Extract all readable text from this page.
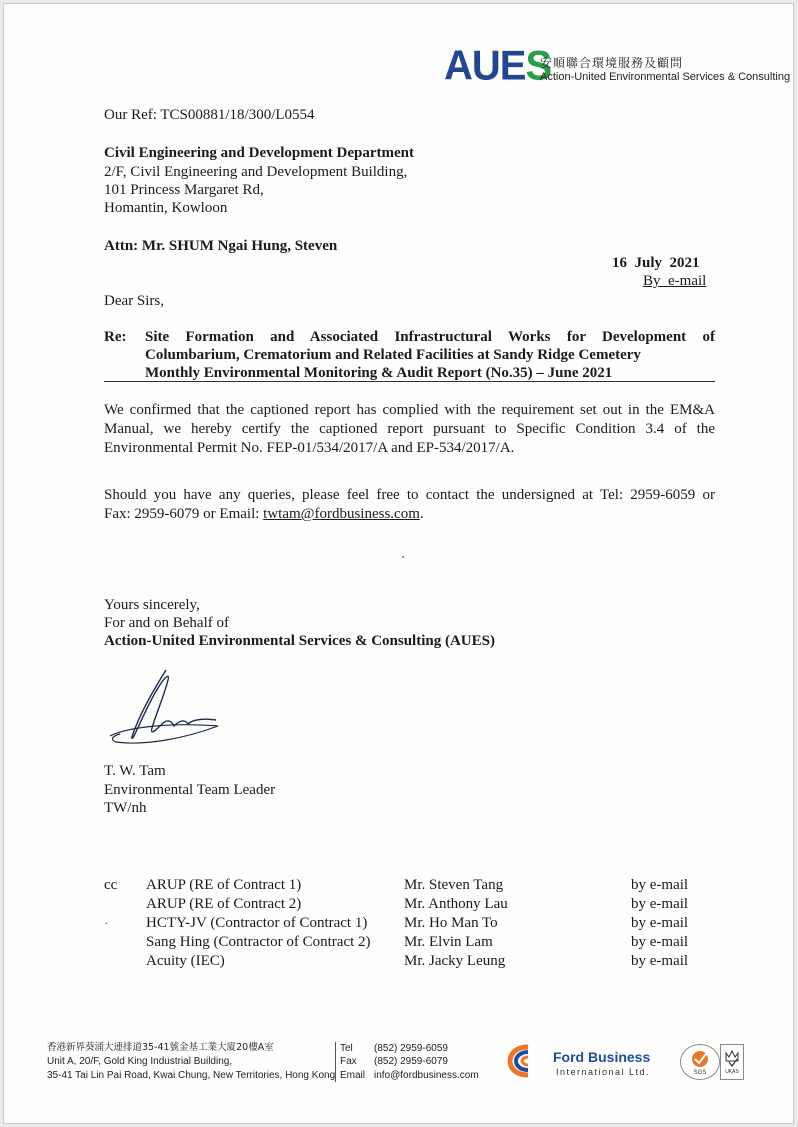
AUES
安順聯合環境服務及顧問
Action-United Environmental Services & Consulting
Our Ref: TCS00881/18/300/L0554
Civil Engineering and Development Department
2/F, Civil Engineering and Development Building,
101 Princess Margaret Rd,
Homantin, Kowloon
Attn: Mr. SHUM Ngai Hung, Steven
16  July  2021
By  e-mail
Dear Sirs,
Re: Site Formation and Associated Infrastructural Works for Development of
Columbarium, Crematorium and Related Facilities at Sandy Ridge Cemetery
Monthly Environmental Monitoring & Audit Report (No.35) – June 2021
We confirmed that the captioned report has complied with the requirement set out in the EM&A
Manual, we hereby certify the captioned report pursuant to Specific Condition 3.4 of the
Environmental Permit No. FEP-01/534/2017/A and EP-534/2017/A.
Should you have any queries, please feel free to contact the undersigned at Tel: 2959-6059 or
Fax: 2959-6079 or Email: twtam@fordbusiness.com.
Yours sincerely,
For and on Behalf of
Action-United Environmental Services & Consulting (AUES)
T. W. Tam
Environmental Team Leader
TW/nh
cc
.
ARUP (RE of Contract 1)	Mr. Steven Tang	by e-mail
ARUP (RE of Contract 2)	Mr. Anthony Lau	by e-mail
HCTY-JV (Contractor of Contract 1) Mr. Ho Man To	by e-mail
Sang Hing (Contractor of Contract 2) Mr. Elvin Lam	by e-mail
Acuity (IEC)	Mr. Jacky Leung	by e-mail
香港新界葵涌大連排道35-41號金基工業大廈20樓A室
Unit A, 20/F, Gold King Industrial Building,
35-41 Tai Lin Pai Road, Kwai Chung, New Territories, Hong Kong
Tel (852) 2959-6059
Fax (852) 2959-6079
Email info@fordbusiness.com
Ford Business
International Ltd.	SGS	UKAS
